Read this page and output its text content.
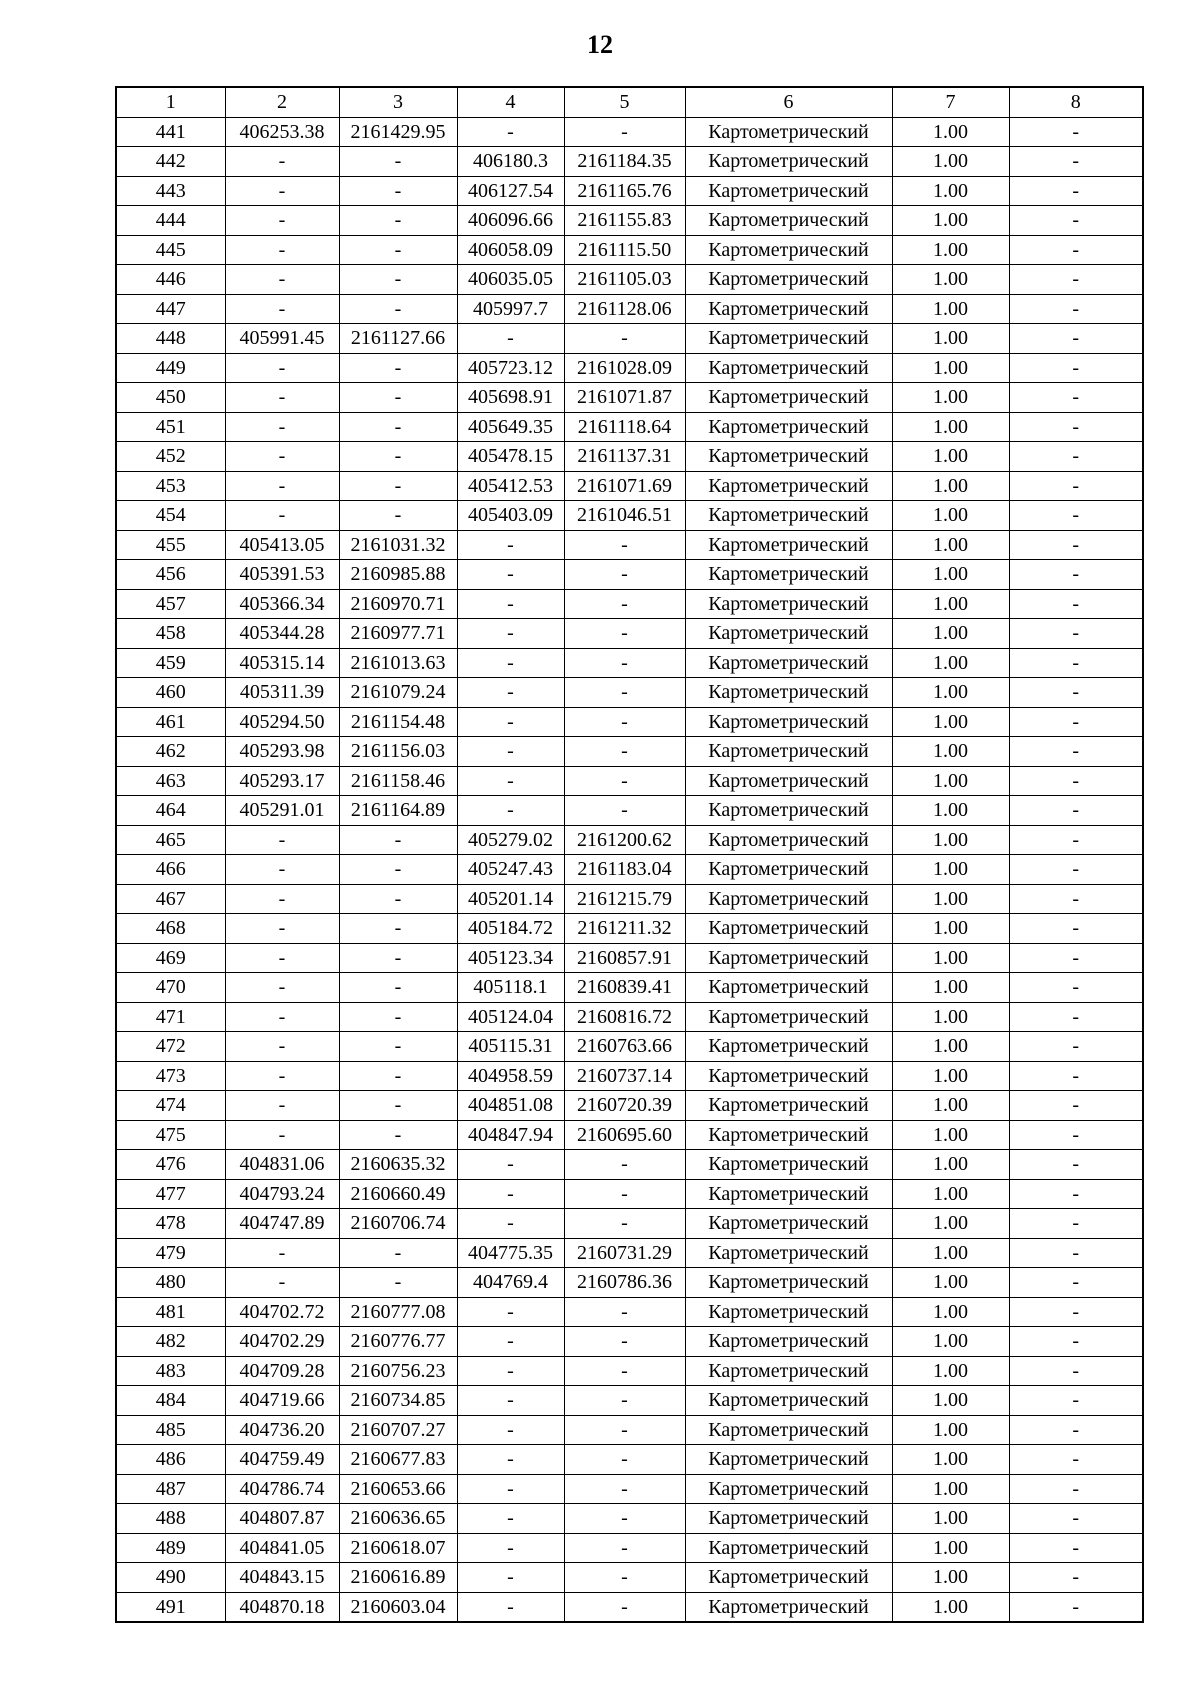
12
1	2	3	4	5	6	7	8
441	406253.38	2161429.95	-	-	Картометрический	1.00	-
442	-	-	406180.3	2161184.35	Картометрический	1.00	-
443	-	-	406127.54	2161165.76	Картометрический	1.00	-
444	-	-	406096.66	2161155.83	Картометрический	1.00	-
445	-	-	406058.09	2161115.50	Картометрический	1.00	-
446	-	-	406035.05	2161105.03	Картометрический	1.00	-
447	-	-	405997.7	2161128.06	Картометрический	1.00	-
448	405991.45	2161127.66	-	-	Картометрический	1.00	-
449	-	-	405723.12	2161028.09	Картометрический	1.00	-
450	-	-	405698.91	2161071.87	Картометрический	1.00	-
451	-	-	405649.35	2161118.64	Картометрический	1.00	-
452	-	-	405478.15	2161137.31	Картометрический	1.00	-
453	-	-	405412.53	2161071.69	Картометрический	1.00	-
454	-	-	405403.09	2161046.51	Картометрический	1.00	-
455	405413.05	2161031.32	-	-	Картометрический	1.00	-
456	405391.53	2160985.88	-	-	Картометрический	1.00	-
457	405366.34	2160970.71	-	-	Картометрический	1.00	-
458	405344.28	2160977.71	-	-	Картометрический	1.00	-
459	405315.14	2161013.63	-	-	Картометрический	1.00	-
460	405311.39	2161079.24	-	-	Картометрический	1.00	-
461	405294.50	2161154.48	-	-	Картометрический	1.00	-
462	405293.98	2161156.03	-	-	Картометрический	1.00	-
463	405293.17	2161158.46	-	-	Картометрический	1.00	-
464	405291.01	2161164.89	-	-	Картометрический	1.00	-
465	-	-	405279.02	2161200.62	Картометрический	1.00	-
466	-	-	405247.43	2161183.04	Картометрический	1.00	-
467	-	-	405201.14	2161215.79	Картометрический	1.00	-
468	-	-	405184.72	2161211.32	Картометрический	1.00	-
469	-	-	405123.34	2160857.91	Картометрический	1.00	-
470	-	-	405118.1	2160839.41	Картометрический	1.00	-
471	-	-	405124.04	2160816.72	Картометрический	1.00	-
472	-	-	405115.31	2160763.66	Картометрический	1.00	-
473	-	-	404958.59	2160737.14	Картометрический	1.00	-
474	-	-	404851.08	2160720.39	Картометрический	1.00	-
475	-	-	404847.94	2160695.60	Картометрический	1.00	-
476	404831.06	2160635.32	-	-	Картометрический	1.00	-
477	404793.24	2160660.49	-	-	Картометрический	1.00	-
478	404747.89	2160706.74	-	-	Картометрический	1.00	-
479	-	-	404775.35	2160731.29	Картометрический	1.00	-
480	-	-	404769.4	2160786.36	Картометрический	1.00	-
481	404702.72	2160777.08	-	-	Картометрический	1.00	-
482	404702.29	2160776.77	-	-	Картометрический	1.00	-
483	404709.28	2160756.23	-	-	Картометрический	1.00	-
484	404719.66	2160734.85	-	-	Картометрический	1.00	-
485	404736.20	2160707.27	-	-	Картометрический	1.00	-
486	404759.49	2160677.83	-	-	Картометрический	1.00	-
487	404786.74	2160653.66	-	-	Картометрический	1.00	-
488	404807.87	2160636.65	-	-	Картометрический	1.00	-
489	404841.05	2160618.07	-	-	Картометрический	1.00	-
490	404843.15	2160616.89	-	-	Картометрический	1.00	-
491	404870.18	2160603.04	-	-	Картометрический	1.00	-
